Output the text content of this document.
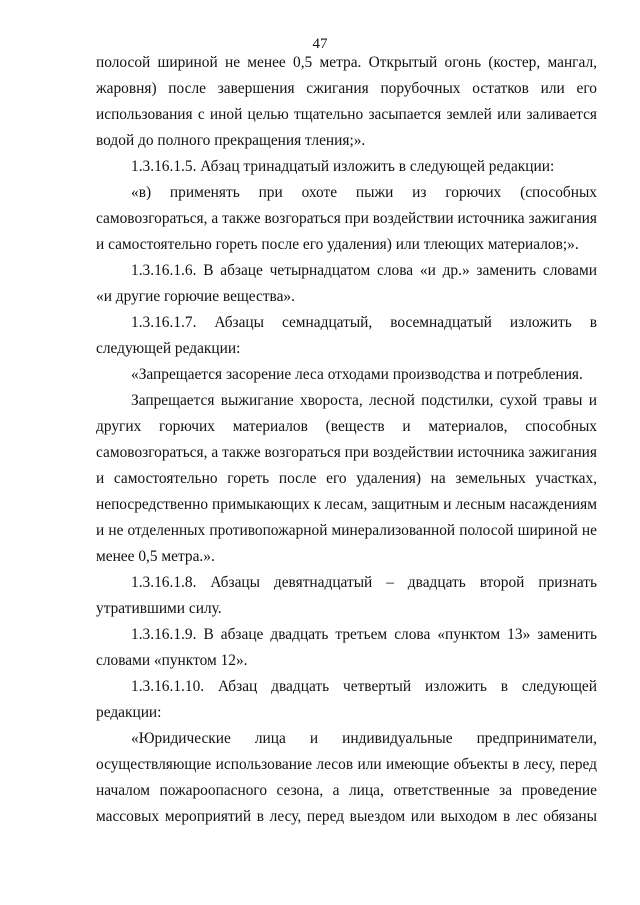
47
полосой шириной не менее 0,5 метра. Открытый огонь (костер, мангал,
жаровня) после завершения сжигания порубочных остатков или его
использования с иной целью тщательно засыпается землей или заливается
водой до полного прекращения тления;».
1.3.16.1.5. Абзац тринадцатый изложить в следующей редакции:
«в) применять при охоте пыжи из горючих (способных
самовозгораться, а также возгораться при воздействии источника зажигания
и самостоятельно гореть после его удаления) или тлеющих материалов;».
1.3.16.1.6. В абзаце четырнадцатом слова «и др.» заменить словами
«и другие горючие вещества».
1.3.16.1.7. Абзацы семнадцатый, восемнадцатый изложить в
следующей редакции:
«Запрещается засорение леса отходами производства и потребления.
Запрещается выжигание хвороста, лесной подстилки, сухой травы и
других горючих материалов (веществ и материалов, способных
самовозгораться, а также возгораться при воздействии источника зажигания
и самостоятельно гореть после его удаления) на земельных участках,
непосредственно примыкающих к лесам, защитным и лесным насаждениям
и не отделенных противопожарной минерализованной полосой шириной не
менее 0,5 метра.».
1.3.16.1.8. Абзацы девятнадцатый – двадцать второй признать
утратившими силу.
1.3.16.1.9. В абзаце двадцать третьем слова «пунктом 13» заменить
словами «пунктом 12».
1.3.16.1.10. Абзац двадцать четвертый изложить в следующей
редакции:
«Юридические лица и индивидуальные предприниматели,
осуществляющие использование лесов или имеющие объекты в лесу, перед
началом пожароопасного сезона, а лица, ответственные за проведение
массовых мероприятий в лесу, перед выездом или выходом в лес обязаны
